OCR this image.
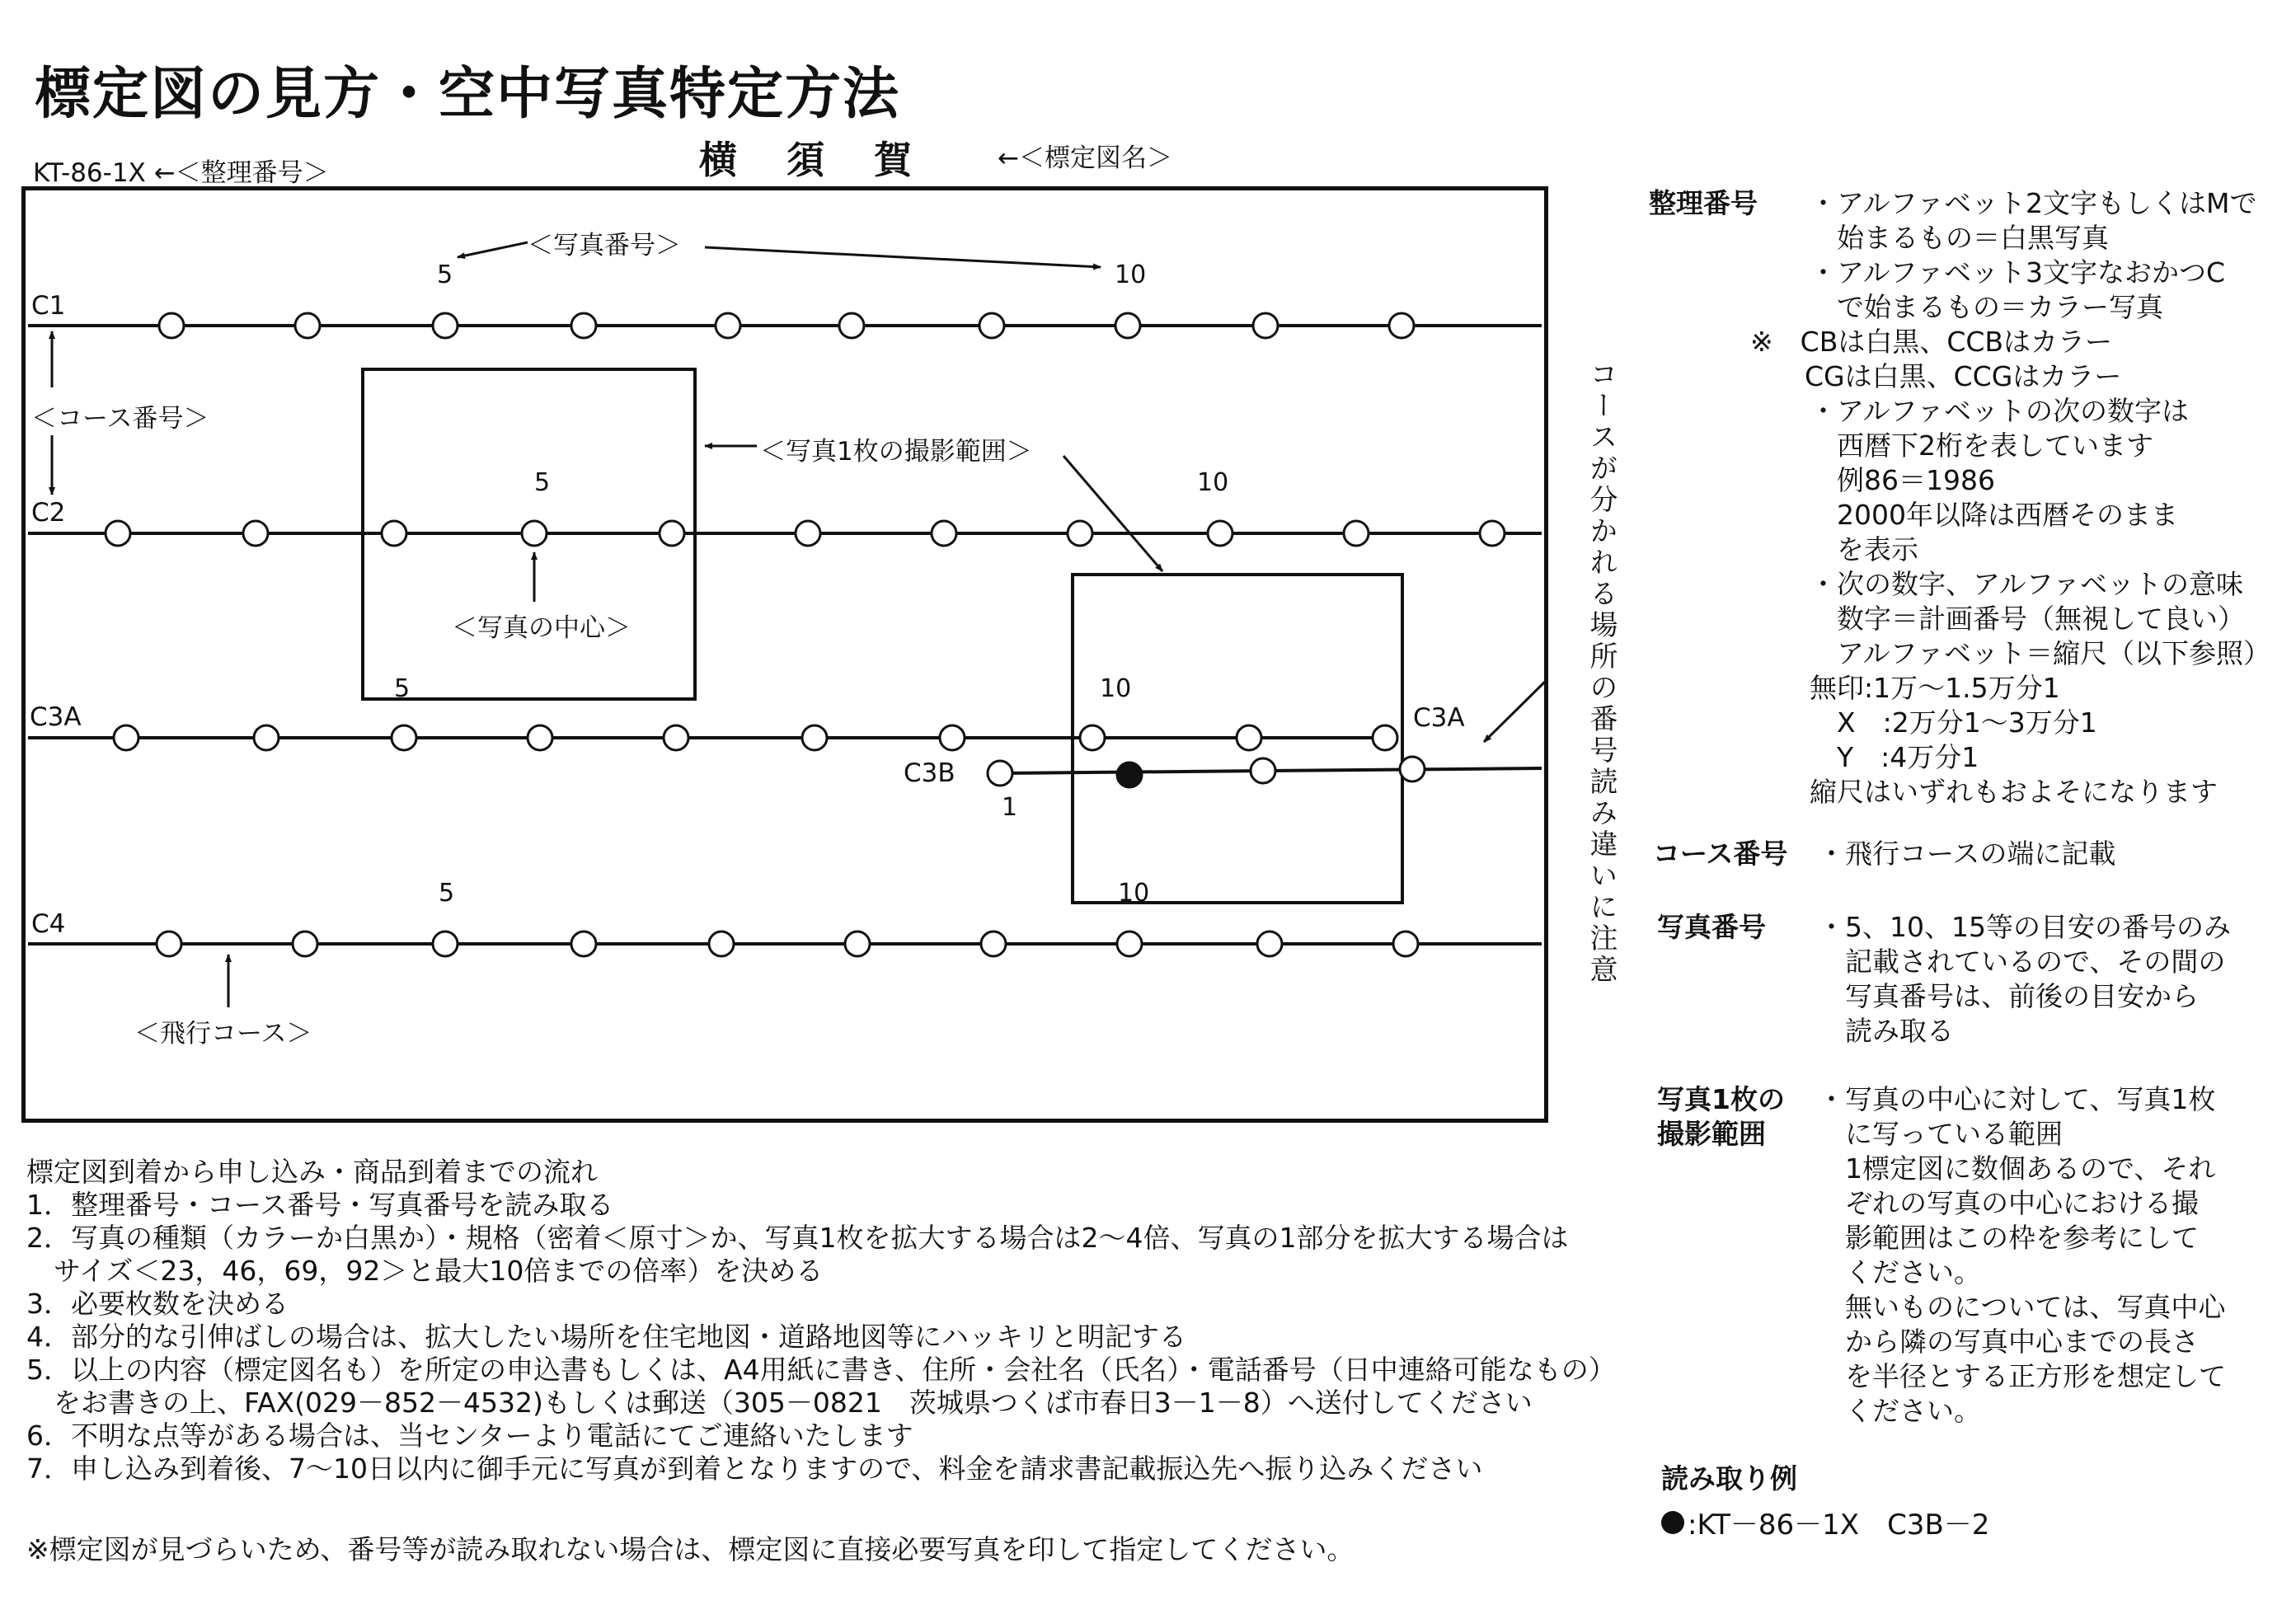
標定図の見方・空中写真特定方法
KT-86-1X ←＜整理番号＞	横 須 賀	←＜標定図名＞
C1
C2
C3A	C3A
C3B
C4
5	10
5	10
5	10
1
10
5
＜写真番号＞
＜コース番号＞
＜写真1枚の撮影範囲＞
＜写真の中心＞
＜飛行コース＞
コースが分かれる場所の番号読み違いに注意
整理番号 ・アルファベット2文字もしくはMで
　始まるもの＝白黒写真
・アルファベット3文字なおかつC
　で始まるもの＝カラー写真
※　CBは白黒、CCBはカラー
　　CGは白黒、CCGはカラー
・アルファベットの次の数字は
　西暦下2桁を表しています
　例86＝1986
　2000年以降は西暦そのまま
　を表示
・次の数字、アルファベットの意味
　数字＝計画番号（無視して良い）
　アルファベット＝縮尺（以下参照）
無印:1万～1.5万分1
　X　:2万分1～3万分1
　Y　:4万分1
縮尺はいずれもおよそになります
コース番号 ・飛行コースの端に記載
写真番号 ・5、10、15等の目安の番号のみ
　記載されているので、その間の
　写真番号は、前後の目安から
　読み取る
写真1枚の
撮影範囲
・写真の中心に対して、写真1枚
　に写っている範囲
　1標定図に数個あるので、それ
　ぞれの写真の中心における撮
　影範囲はこの枠を参考にして
　ください。
　無いものについては、写真中心
　から隣の写真中心までの長さ
　を半径とする正方形を想定して
　ください。
読み取り例
:KT－86－1X　C3B－2
標定図到着から申し込み・商品到着までの流れ
1．整理番号・コース番号・写真番号を読み取る
2．写真の種類（カラーか白黒か）・規格（密着＜原寸＞か、写真1枚を拡大する場合は2～4倍、写真の1部分を拡大する場合は
　サイズ＜23，46，69，92＞と最大10倍までの倍率）を決める
3．必要枚数を決める
4．部分的な引伸ばしの場合は、拡大したい場所を住宅地図・道路地図等にハッキリと明記する
5．以上の内容（標定図名も）を所定の申込書もしくは、A4用紙に書き、住所・会社名（氏名）・電話番号（日中連絡可能なもの）
　をお書きの上、FAX(029－852－4532)もしくは郵送（305－0821　茨城県つくば市春日3－1－8）へ送付してください
6．不明な点等がある場合は、当センターより電話にてご連絡いたします
7．申し込み到着後、7～10日以内に御手元に写真が到着となりますので、料金を請求書記載振込先へ振り込みください
※標定図が見づらいため、番号等が読み取れない場合は、標定図に直接必要写真を印して指定してください。
